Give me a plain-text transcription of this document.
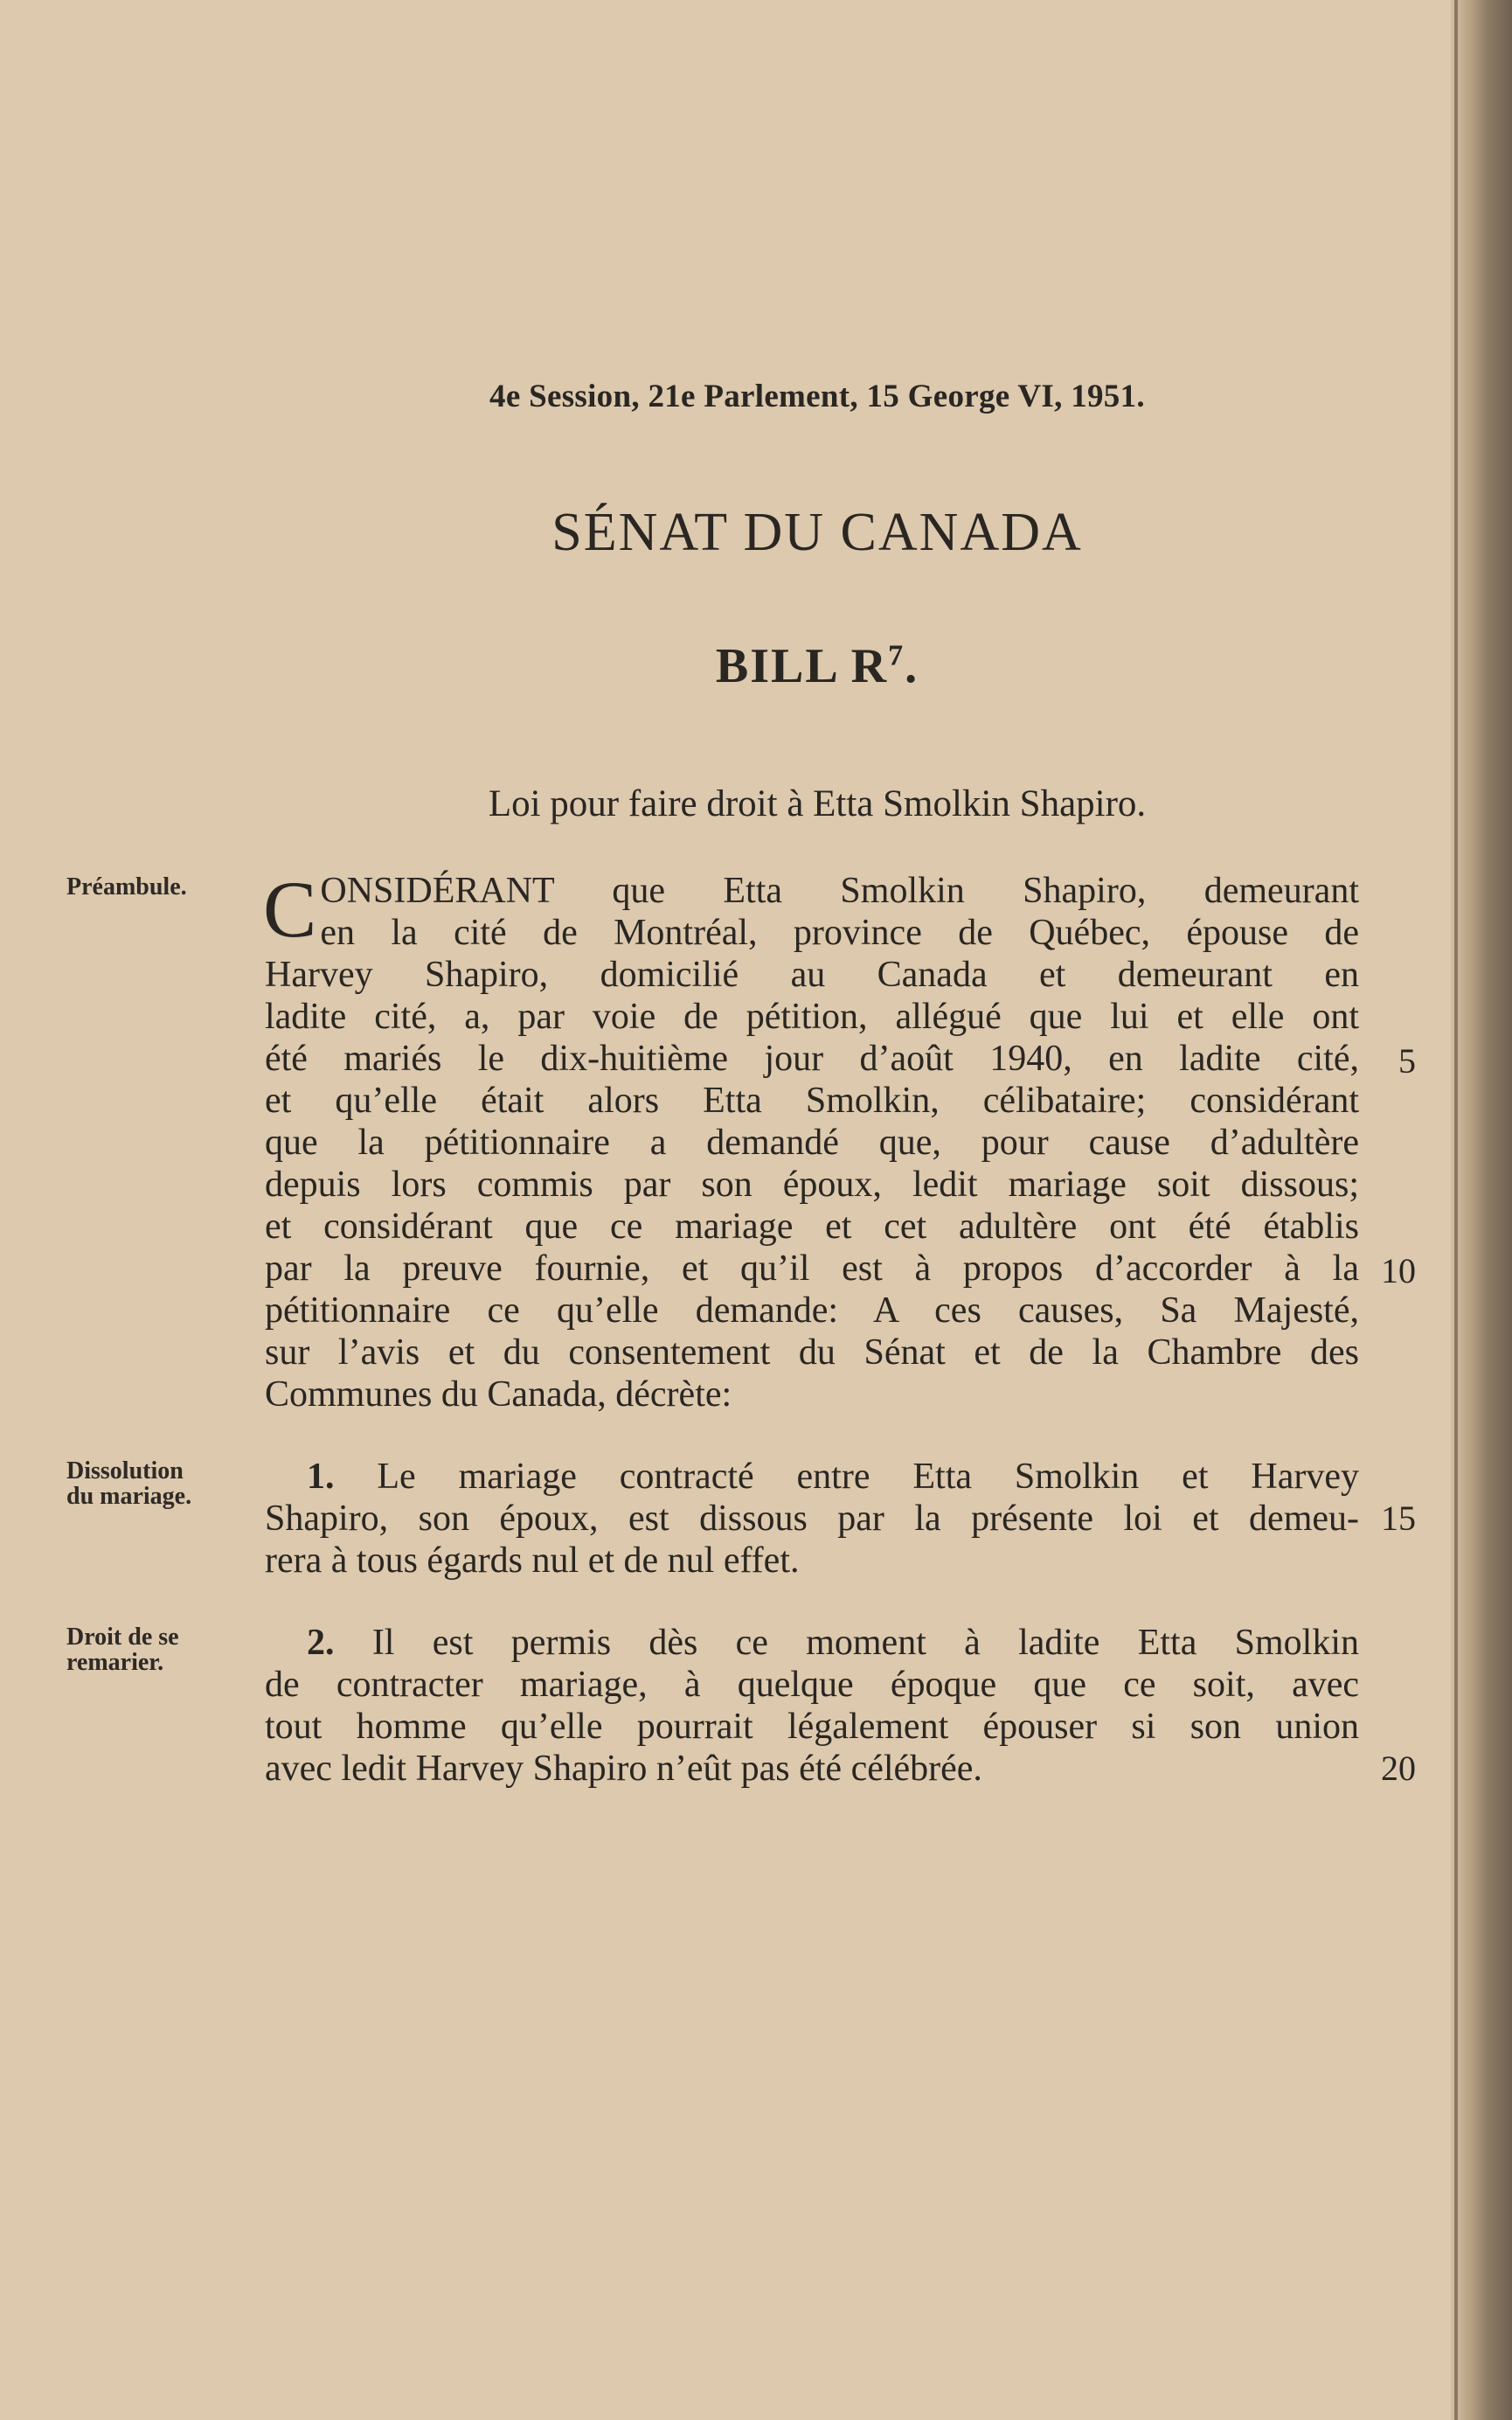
4e Session, 21e Parlement, 15 George VI, 1951.
SÉNAT DU CANADA
BILL $R^7$.
Loi pour faire droit à Etta Smolkin Shapiro.
Préambule. C ONSIDÉRANT que Etta Smolkin Shapiro, demeurant
en la cité de Montréal, province de Québec, épouse de
Harvey Shapiro, domicilié au Canada et demeurant en
ladite cité, a, par voie de pétition, allégué que lui et elle ont
été mariés le dix-huitième jour d’août 1940, en ladite cité,
et qu’elle était alors Etta Smolkin, célibataire; considérant
que la pétitionnaire a demandé que, pour cause d’adultère
depuis lors commis par son époux, ledit mariage soit dissous;
et considérant que ce mariage et cet adultère ont été établis
par la preuve fournie, et qu’il est à propos d’accorder à la
pétitionnaire ce qu’elle demande: A ces causes, Sa Majesté,
sur l’avis et du consentement du Sénat et de la Chambre des
Communes du Canada, décrète:
Dissolution
du mariage.	1. Le mariage contracté entre Etta Smolkin et Harvey
Shapiro, son époux, est dissous par la présente loi et demeu-
rera à tous égards nul et de nul effet.
Droit de se
remarier.	2. Il est permis dès ce moment à ladite Etta Smolkin
de contracter mariage, à quelque époque que ce soit, avec
tout homme qu’elle pourrait légalement épouser si son union
avec ledit Harvey Shapiro n’eût pas été célébrée.
5
10
15
20
